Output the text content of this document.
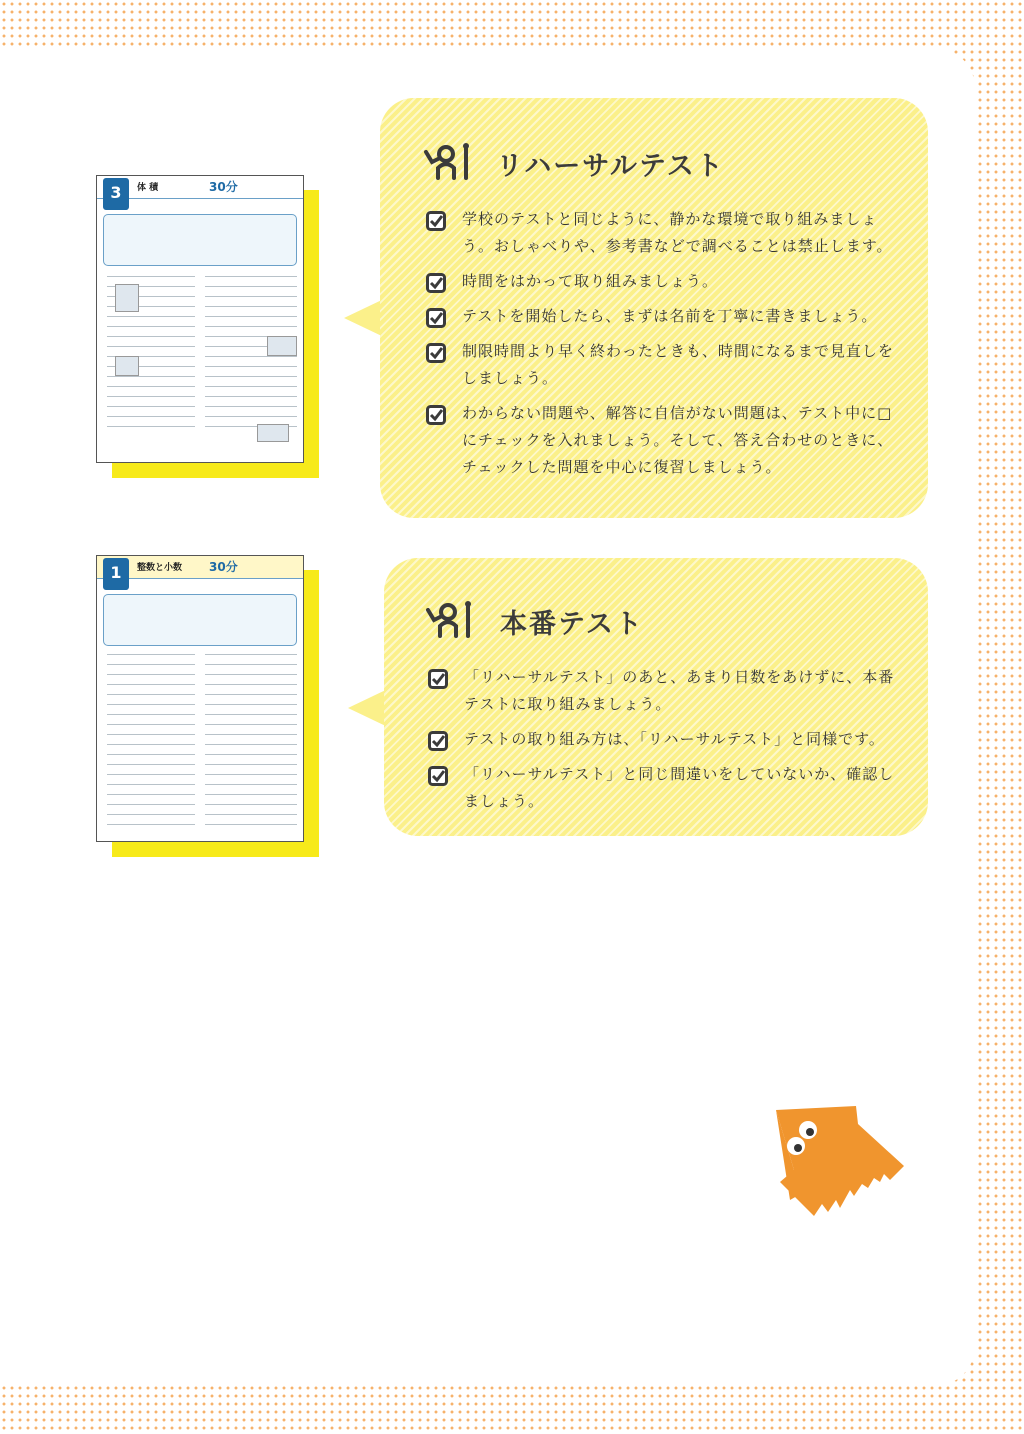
3	体 積	30分
リハーサルテスト
学校のテストと同じように、静かな環境で取り組みましょう。おしゃべりや、参考書などで調べることは禁止します。
時間をはかって取り組みましょう。
テストを開始したら、まずは名前を丁寧に書きましょう。
制限時間より早く終わったときも、時間になるまで見直しをしましょう。
わからない問題や、解答に自信がない問題は、テスト中に□にチェックを入れましょう。そして、答え合わせのときに、チェックした問題を中心に復習しましょう。
1	整数と小数 30分
本番テスト
「リハーサルテスト」のあと、あまり日数をあけずに、本番テストに取り組みましょう。
テストの取り組み方は、「リハーサルテスト」と同様です。
「リハーサルテスト」と同じ間違いをしていないか、確認しましょう。
